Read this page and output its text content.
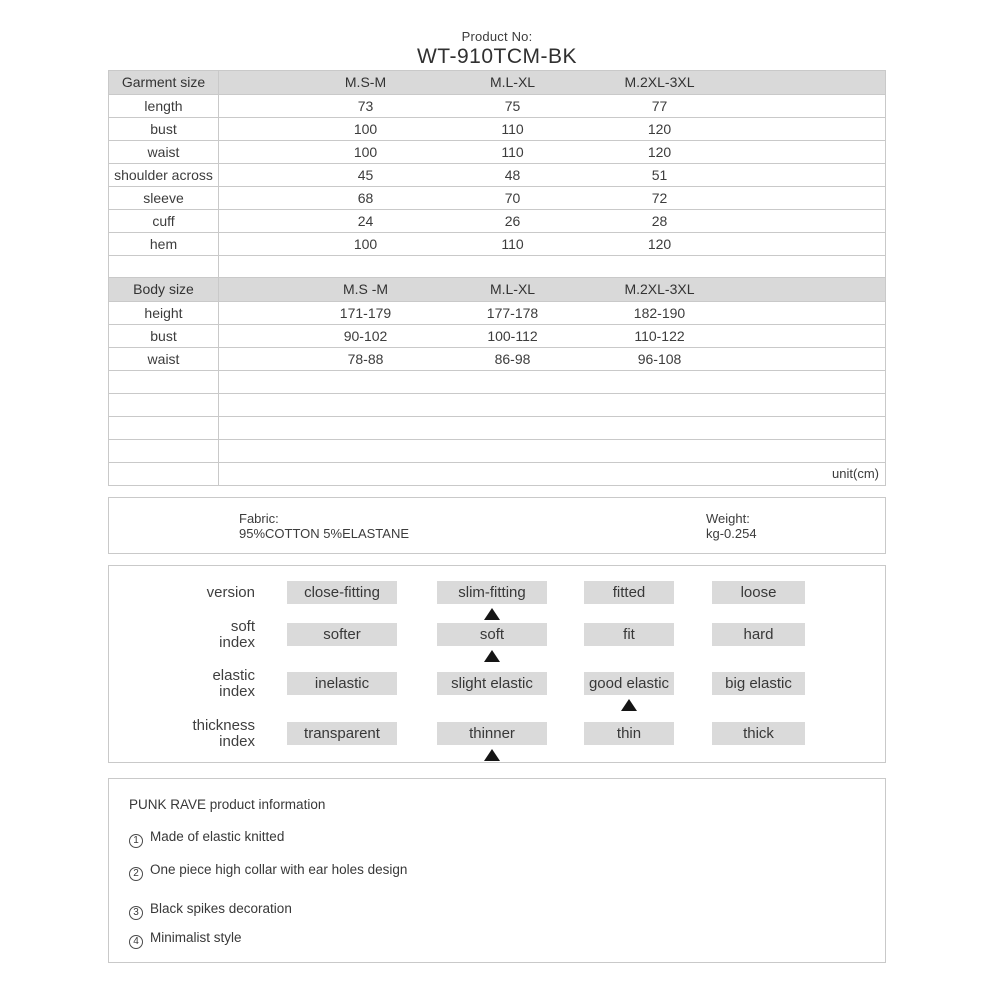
Product No:
WT-910TCM-BK
Garment size	M.S-M	M.L-XL	M.2XL-3XL
length	73	75	77
bust	100	110	120
waist	100	110	120
shoulder across	45	48	51
sleeve	68	70	72
cuff	24	26	28
hem	100	110	120
Body size	M.S -M	M.L-XL	M.2XL-3XL
height	171-179	177-178	182-190
bust	90-102	100-112	110-122
waist	78-88	86-98	96-108
unit(cm)
Fabric:
95%COTTON 5%ELASTANE
Weight:
kg-0.254
version	close-fitting	slim-fitting	fitted	loose
soft
index	softer	soft	fit	hard
elastic
index	inelastic	slight elastic	good elastic	big elastic
thickness
index	transparent	thinner	thin	thick
PUNK RAVE product information
1 Made of elastic knitted
2 One piece high collar with ear holes design
3 Black spikes decoration
4 Minimalist style
